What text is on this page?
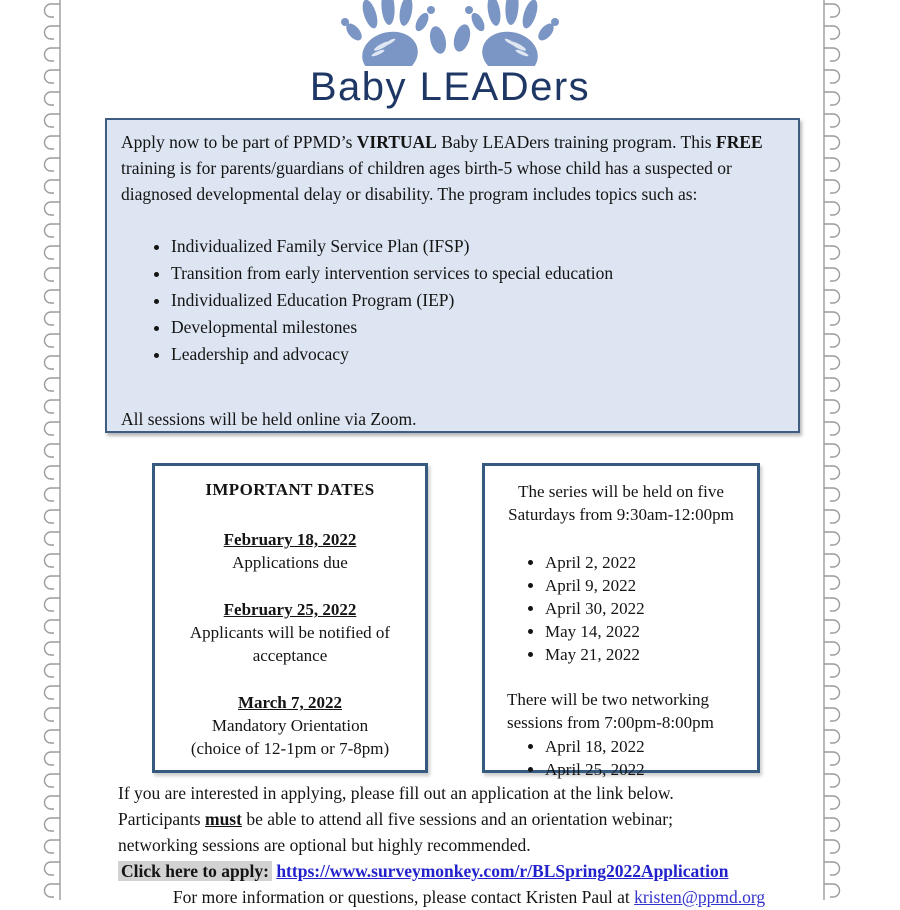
Baby LEADers

Apply now to be part of PPMD’s VIRTUAL Baby LEADers training program. This FREE training is for parents/guardians of children ages birth-5 whose child has a suspected or diagnosed developmental delay or disability. The program includes topics such as:

• Individualized Family Service Plan (IFSP)
• Transition from early intervention services to special education
• Individualized Education Program (IEP)
• Developmental milestones
• Leadership and advocacy
All sessions will be held online via Zoom.
IMPORTANT DATES
February 18, 2022
Applications due
February 25, 2022
Applicants will be notified of
acceptance
March 7, 2022
Mandatory Orientation
(choice of 12-1pm or 7-8pm)

The series will be held on five
Saturdays from 9:30am-12:00pm

• April 2, 2022
• April 9, 2022
• April 30, 2022
• May 14, 2022
• May 21, 2022

There will be two networking
sessions from 7:00pm-8:00pm

• April 18, 2022
• April 25, 2022

If you are interested in applying, please fill out an application at the link below.

Participants must be able to attend all five sessions and an orientation webinar;
networking sessions are optional but highly recommended.

Click here to apply: https://www.surveymonkey.com/r/BLSpring2022Application

For more information or questions, please contact Kristen Paul at kristen@ppmd.org
